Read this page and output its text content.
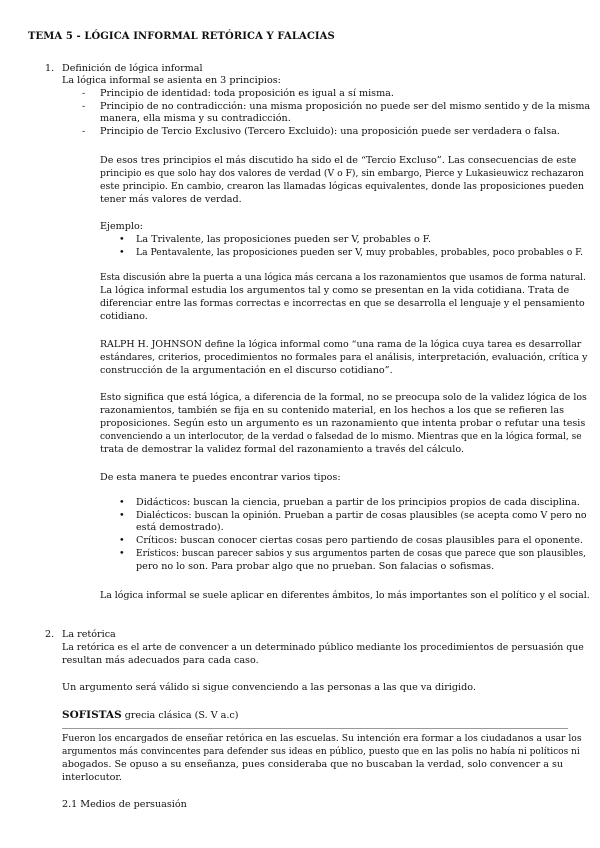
TEMA 5 - LÓGICA INFORMAL RETÓRICA Y FALACIAS
1. Definición de lógica informal
La lógica informal se asienta en 3 principios:
- Principio de identidad: toda proposición es igual a sí misma.
- Principio de no contradicción: una misma proposición no puede ser del mismo sentido y de la misma
manera, ella misma y su contradicción.
- Principio de Tercio Exclusivo (Tercero Excluido): una proposición puede ser verdadera o falsa.
De esos tres principios el más discutido ha sido el de “Tercio Excluso”. Las consecuencias de este
principio es que solo hay dos valores de verdad (V o F), sin embargo, Pierce y Lukasieuwicz rechazaron
este principio. En cambio, crearon las llamadas lógicas equivalentes, donde las proposiciones pueden
tener más valores de verdad.
Ejemplo:
• La Trivalente, las proposiciones pueden ser V, probables o F.
• La Pentavalente, las proposiciones pueden ser V, muy probables, probables, poco probables o F.
Esta discusión abre la puerta a una lógica más cercana a los razonamientos que usamos de forma natural.
La lógica informal estudia los argumentos tal y como se presentan en la vida cotidiana. Trata de
diferenciar entre las formas correctas e incorrectas en que se desarrolla el lenguaje y el pensamiento
cotidiano.
RALPH H. JOHNSON define la lógica informal como “una rama de la lógica cuya tarea es desarrollar
estándares, criterios, procedimientos no formales para el análisis, interpretación, evaluación, crítica y
construcción de la argumentación en el discurso cotidiano”.
Esto significa que está lógica, a diferencia de la formal, no se preocupa solo de la validez lógica de los
razonamientos, también se fija en su contenido material, en los hechos a los que se refieren las
proposiciones. Según esto un argumento es un razonamiento que intenta probar o refutar una tesis
convenciendo a un interlocutor, de la verdad o falsedad de lo mismo. Mientras que en la lógica formal, se
trata de demostrar la validez formal del razonamiento a través del cálculo.
De esta manera te puedes encontrar varios tipos:
• Didácticos: buscan la ciencia, prueban a partir de los principios propios de cada disciplina.
• Dialécticos: buscan la opinión. Prueban a partir de cosas plausibles (se acepta como V pero no
está demostrado).
• Críticos: buscan conocer ciertas cosas pero partiendo de cosas plausibles para el oponente.
• Erísticos: buscan parecer sabios y sus argumentos parten de cosas que parece que son plausibles,
pero no lo son. Para probar algo que no prueban. Son falacias o sofismas.
La lógica informal se suele aplicar en diferentes ámbitos, lo más importantes son el político y el social.
2. La retórica
La retórica es el arte de convencer a un determinado público mediante los procedimientos de persuasión que
resultan más adecuados para cada caso.
Un argumento será válido si sigue convenciendo a las personas a las que va dirigido.
SOFISTAS grecia clásica (S. V a.c)
Fueron los encargados de enseñar retórica en las escuelas. Su intención era formar a los ciudadanos a usar los
argumentos más convincentes para defender sus ideas en público, puesto que en las polis no había ni políticos ni
abogados. Se opuso a su enseñanza, pues consideraba que no buscaban la verdad, solo convencer a su
interlocutor.
2.1 Medios de persuasión
